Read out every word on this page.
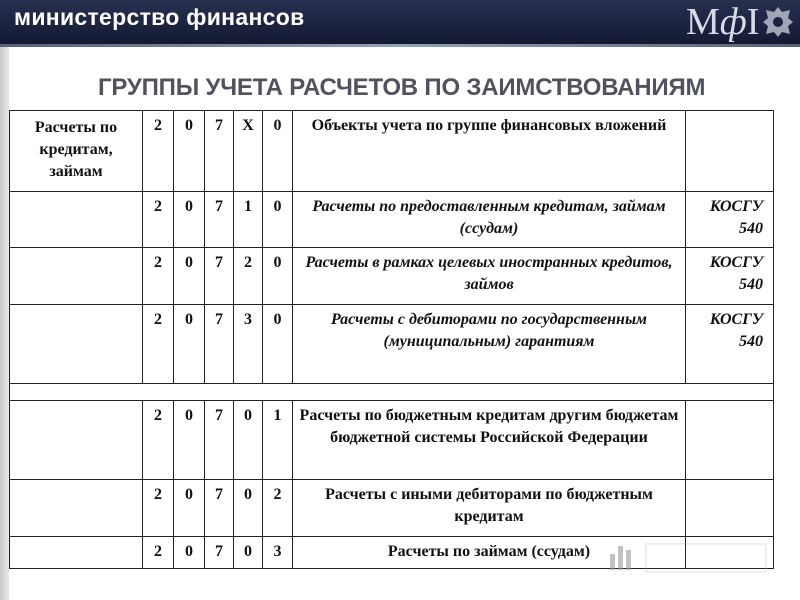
министерство финансов	МфІ
ГРУППЫ УЧЕТА РАСЧЕТОВ ПО ЗАИМСТВОВАНИЯМ
Расчеты по кредитам, займам	2	0	7	Х	0	Объекты учета по группе финансовых вложений	
	2	0	7	1	0	Расчеты по предоставленным кредитам, займам (ссудам)	КОСГУ 540
	2	0	7	2	0	Расчеты в рамках целевых иностранных кредитов, займов	КОСГУ 540
	2	0	7	3	0	Расчеты с дебиторами по государственным (муниципальным) гарантиям	КОСГУ 540

	2	0	7	0	1	Расчеты по бюджетным кредитам другим бюджетам бюджетной системы Российской Федерации	
	2	0	7	0	2	Расчеты с иными дебиторами по бюджетным кредитам	
	2	0	7	0	3	Расчеты по займам (ссудам)	
